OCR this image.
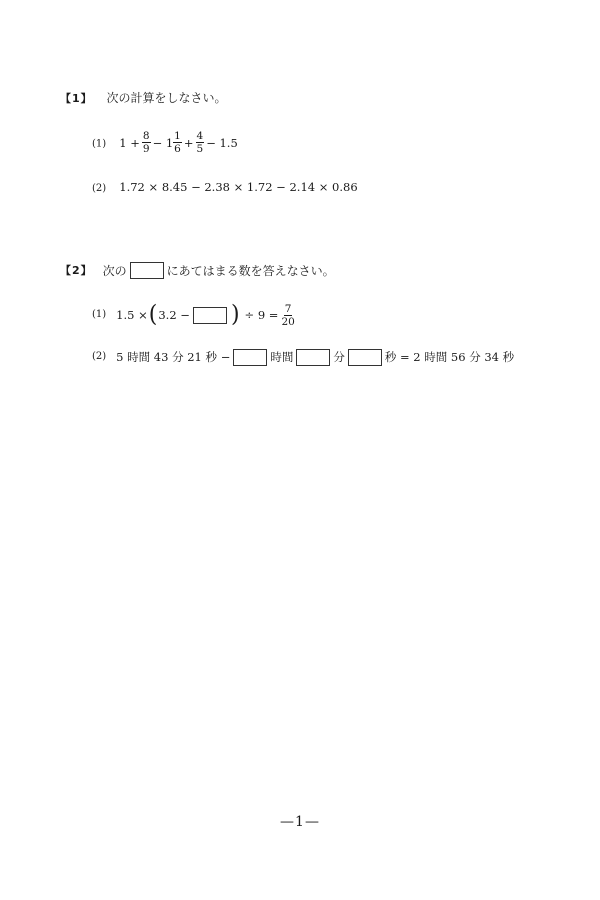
【1】 次の計算をしなさい。
(1) $1 + \frac{8}{9} - 1 \frac{1}{6} + \frac{4}{5} - 1.5$
(2) 1.72 × 8.45 − 2.38 × 1.72 − 2.14 × 0.86
【2】 次の	にあてはまる数を答えなさい。
(1) 1.5 × ( 3.2 − ) ÷ $9 = \frac{7}{20}$
(2) 5 時間 43 分 21 秒 −	時間	分	秒 = 2 時間 56 分 34 秒
—1—
